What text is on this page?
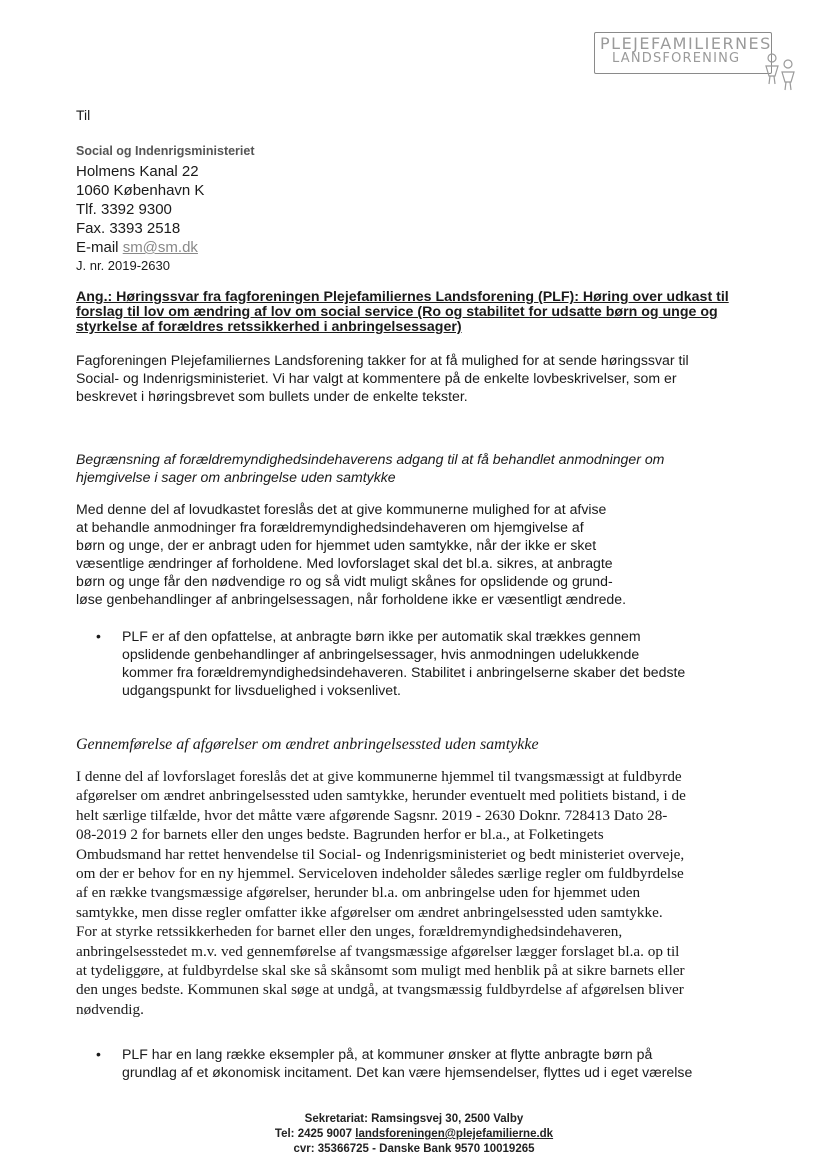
PLEJEFAMILIERNES
LANDSFORENING

Til

Social og Indenrigsministeriet

Holmens Kanal 22

1060 København K

Tlf. 3392 9300

Fax. 3393 2518

E-mail sm@sm.dk

J. nr. 2019-2630

Ang.: Høringssvar fra fagforeningen Plejefamiliernes Landsforening (PLF): Høring over udkast til forslag til lov om ændring af lov om social service (Ro og stabilitet for udsatte børn og unge og styrkelse af forældres retssikkerhed i anbringelsessager)

Fagforeningen Plejefamiliernes Landsforening takker for at få mulighed for at sende høringssvar til
Social- og Indenrigsministeriet. Vi har valgt at kommentere på de enkelte lovbeskrivelser, som er
beskrevet i høringsbrevet som bullets under de enkelte tekster.
Begrænsning af forældremyndighedsindehaverens adgang til at få behandlet anmodninger om
hjemgivelse i sager om anbringelse uden samtykke
Med denne del af lovudkastet foreslås det at give kommunerne mulighed for at afvise
at behandle anmodninger fra forældremyndighedsindehaveren om hjemgivelse af
børn og unge, der er anbragt uden for hjemmet uden samtykke, når der ikke er sket
væsentlige ændringer af forholdene. Med lovforslaget skal det bl.a. sikres, at anbragte
børn og unge får den nødvendige ro og så vidt muligt skånes for opslidende og grund-
løse genbehandlinger af anbringelsessagen, når forholdene ikke er væsentligt ændrede.
• PLF er af den opfattelse, at anbragte børn ikke per automatik skal trækkes gennem
opslidende genbehandlinger af anbringelsessager, hvis anmodningen udelukkende
kommer fra forældremyndighedsindehaveren. Stabilitet i anbringelserne skaber det bedste
udgangspunkt for livsduelighed i voksenlivet.

Gennemførelse af afgørelser om ændret anbringelsessted uden samtykke

I denne del af lovforslaget foreslås det at give kommunerne hjemmel til tvangsmæssigt at fuldbyrde
afgørelser om ændret anbringelsessted uden samtykke, herunder eventuelt med politiets bistand, i de
helt særlige tilfælde, hvor det måtte være afgørende Sagsnr. 2019 - 2630 Doknr. 728413 Dato 28-
08-2019 2 for barnets eller den unges bedste. Bagrunden herfor er bl.a., at Folketingets
Ombudsmand har rettet henvendelse til Social- og Indenrigsministeriet og bedt ministeriet overveje,
om der er behov for en ny hjemmel. Serviceloven indeholder således særlige regler om fuldbyrdelse
af en række tvangsmæssige afgørelser, herunder bl.a. om anbringelse uden for hjemmet uden
samtykke, men disse regler omfatter ikke afgørelser om ændret anbringelsessted uden samtykke.
For at styrke retssikkerheden for barnet eller den unges, forældremyndighedsindehaveren,
anbringelsesstedet m.v. ved gennemførelse af tvangsmæssige afgørelser lægger forslaget bl.a. op til
at tydeliggøre, at fuldbyrdelse skal ske så skånsomt som muligt med henblik på at sikre barnets eller
den unges bedste. Kommunen skal søge at undgå, at tvangsmæssig fuldbyrdelse af afgørelsen bliver
nødvendig.
• PLF har en lang række eksempler på, at kommuner ønsker at flytte anbragte børn på
grundlag af et økonomisk incitament. Det kan være hjemsendelser, flyttes ud i eget værelse
Sekretariat: Ramsingsvej 30, 2500 Valby
Tel: 2425 9007 landsforeningen@plejefamilierne.dk
cvr: 35366725 - Danske Bank 9570 10019265
